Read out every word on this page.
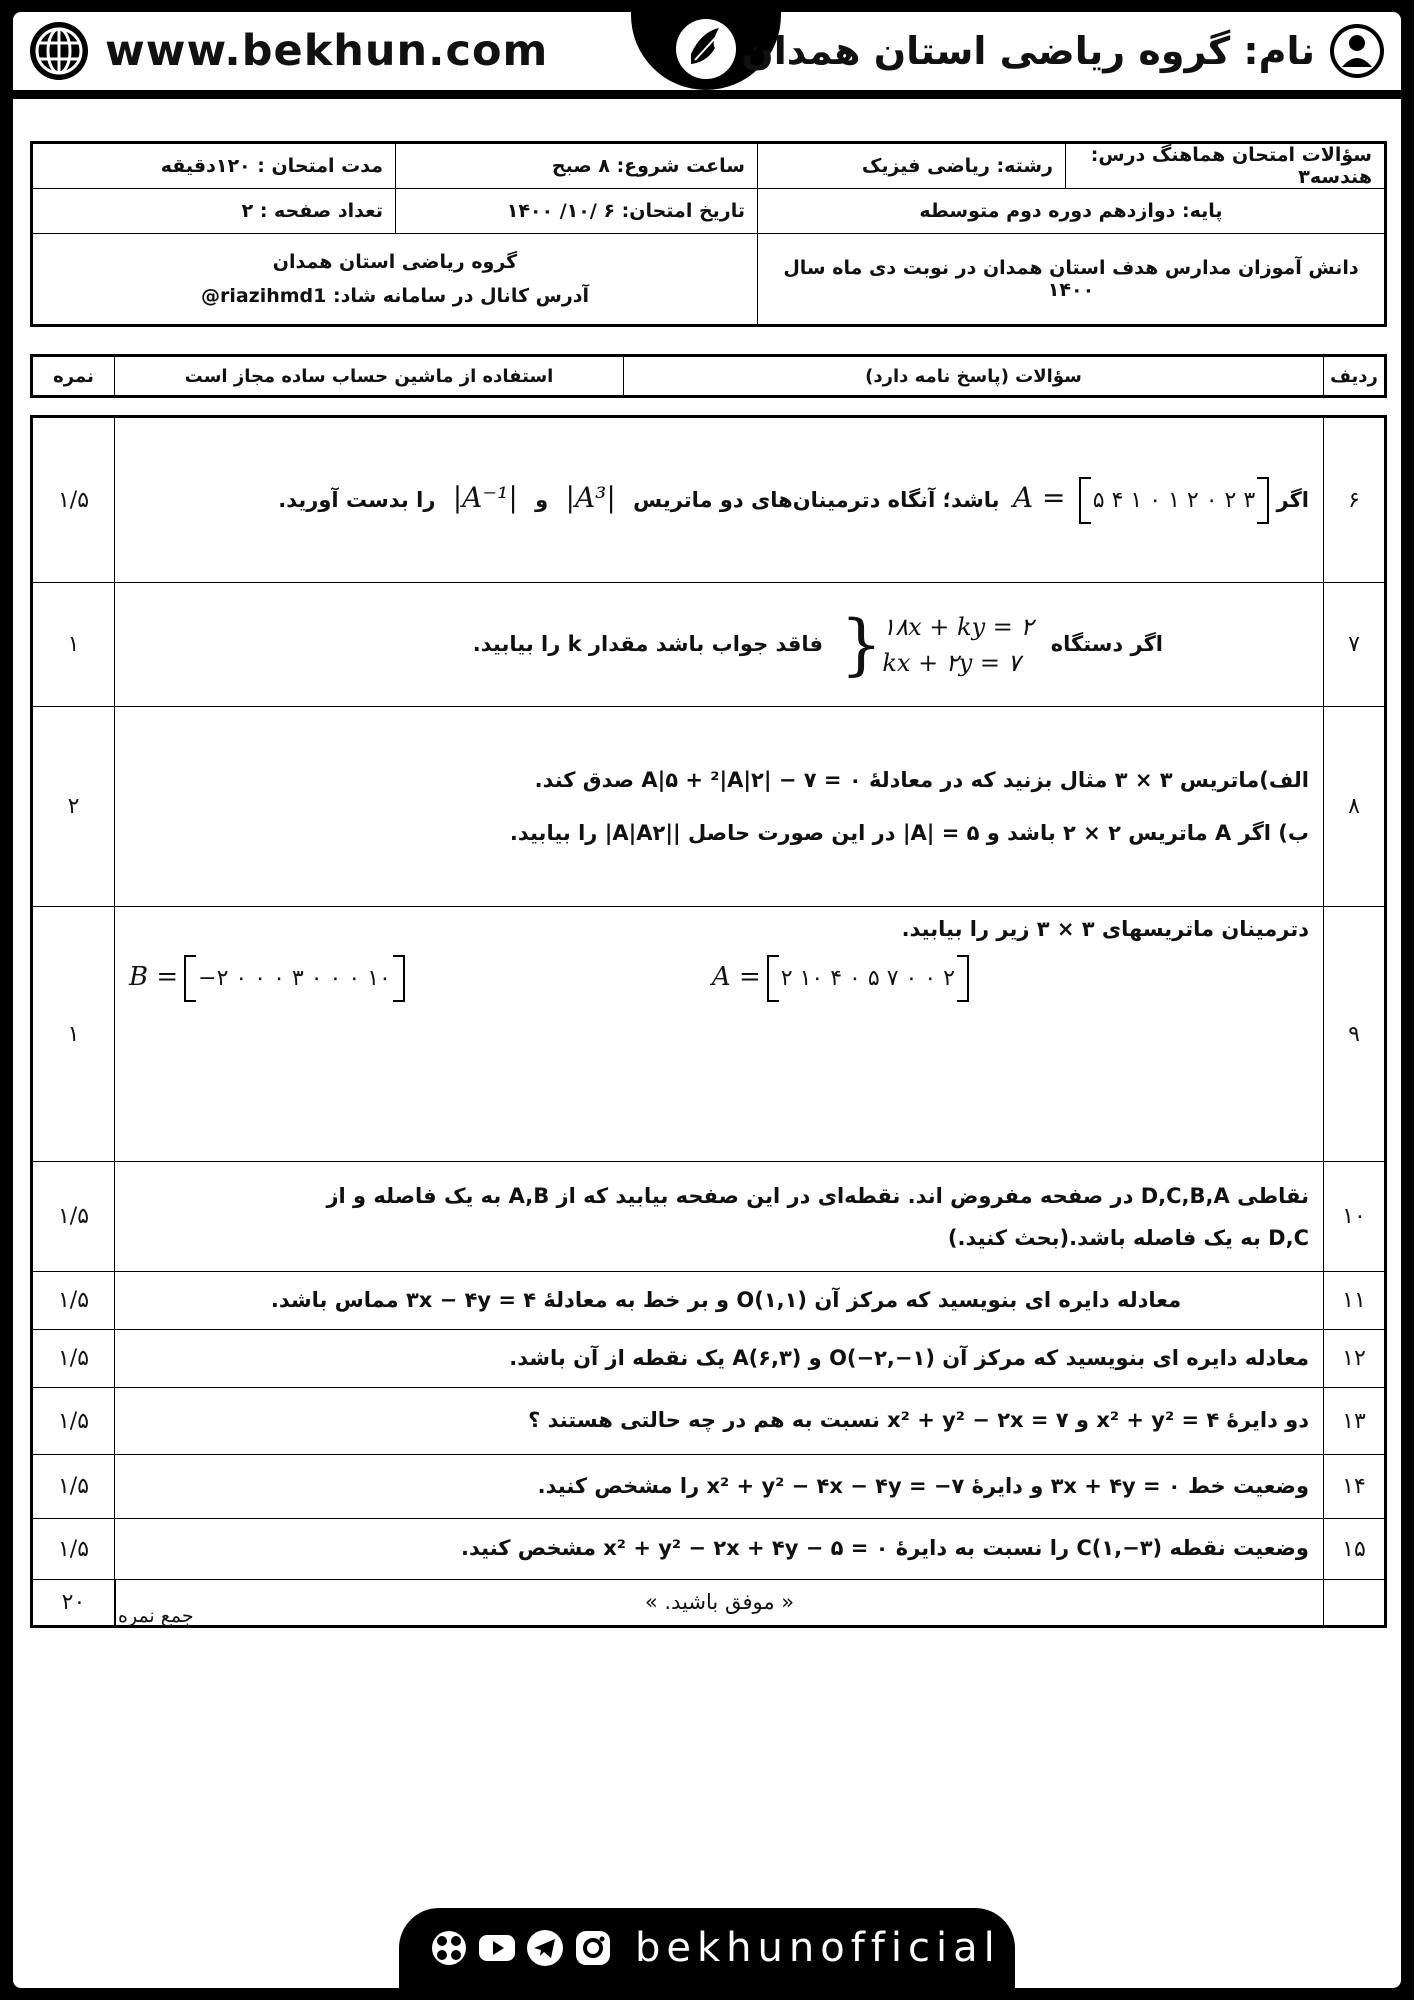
www.bekhun.com	نام: گروه ریاضی استان همدان
سؤالات امتحان هماهنگ درس: هندسه۳	رشته: ریاضی فیزیک	ساعت شروع: ۸ صبح	مدت امتحان : ۱۲۰دقیقه
پایه: دوازدهم دوره دوم متوسطه		تاریخ امتحان: ۶ /۱۰/ ۱۴۰۰	تعداد صفحه : ۲
دانش آموزان مدارس هدف استان همدان در نوبت دی ماه سال ۱۴۰۰		گروه ریاضی استان همدان
آدرس کانال در سامانه شاد: riazihmd1@	
ردیف	سؤالات (پاسخ نامه دارد)	استفاده از ماشین حساب ساده مجاز است	نمره
۶	اگر ۵ ۴ ۱ ۰ ۱ ۲ ۰ ۲ ۳ A = باشد؛ آنگاه دترمینان‌های دو ماتریس |A³| و |A⁻¹| را بدست آورید.	۱/۵
۷	اگر دستگاه
۱۸x + ky = ۲
kx + ۲y = ۷
{
فاقد جواب باشد مقدار k را بیابید.	۱
۸	الف)ماتریس ۳ × ۳ مثال بزنید که در معادلهٔ ۰ = ۷ − |A|۵ + ²|A|۲ صدق کند.
ب) اگر A ماتریس ۲ × ۲ باشد و ۵ = |A| در این صورت حاصل ||A|A۲| را بیابید.	۲
۹	دترمینان ماتریسهای ۳ × ۳ زیر را بیابید.
B = −۲ ۰ ۰ ۰ ۳ ۰ ۰ ۰ ۱۰ A = ۲ ۱۰ ۴ ۰ ۵ ۷ ۰ ۰ ۲	۱
۱۰	نقاطی D,C,B,A در صفحه مفروض اند. نقطه‌ای در این صفحه بیابید که از A,B به یک فاصله و از
D,C به یک فاصله باشد.(بحث کنید.)	۱/۵
۱۱	معادله دایره ای بنویسید که مرکز آن O(۱,۱) و بر خط به معادلهٔ ۴ = ۳x − ۴y مماس باشد.	۱/۵
۱۲	معادله دایره ای بنویسید که مرکز آن O(−۲,−۱) و A(۶,۳) یک نقطه از آن باشد.	۱/۵
۱۳	دو دایرهٔ ۴ = x² + y² و ۷ = x² + y² − ۲x نسبت به هم در چه حالتی هستند ؟	۱/۵
۱۴	وضعیت خط ۰ = ۳x + ۴y و دایرهٔ ۷− = x² + y² − ۴x − ۴y را مشخص کنید.	۱/۵
۱۵	وضعیت نقطه C(۱,−۳) را نسبت به دایرهٔ ۰ = x² + y² − ۲x + ۴y − ۵ مشخص کنید.	۱/۵

	« موفق باشید. »	۲۰
جمع نمره
bekhunofficial
